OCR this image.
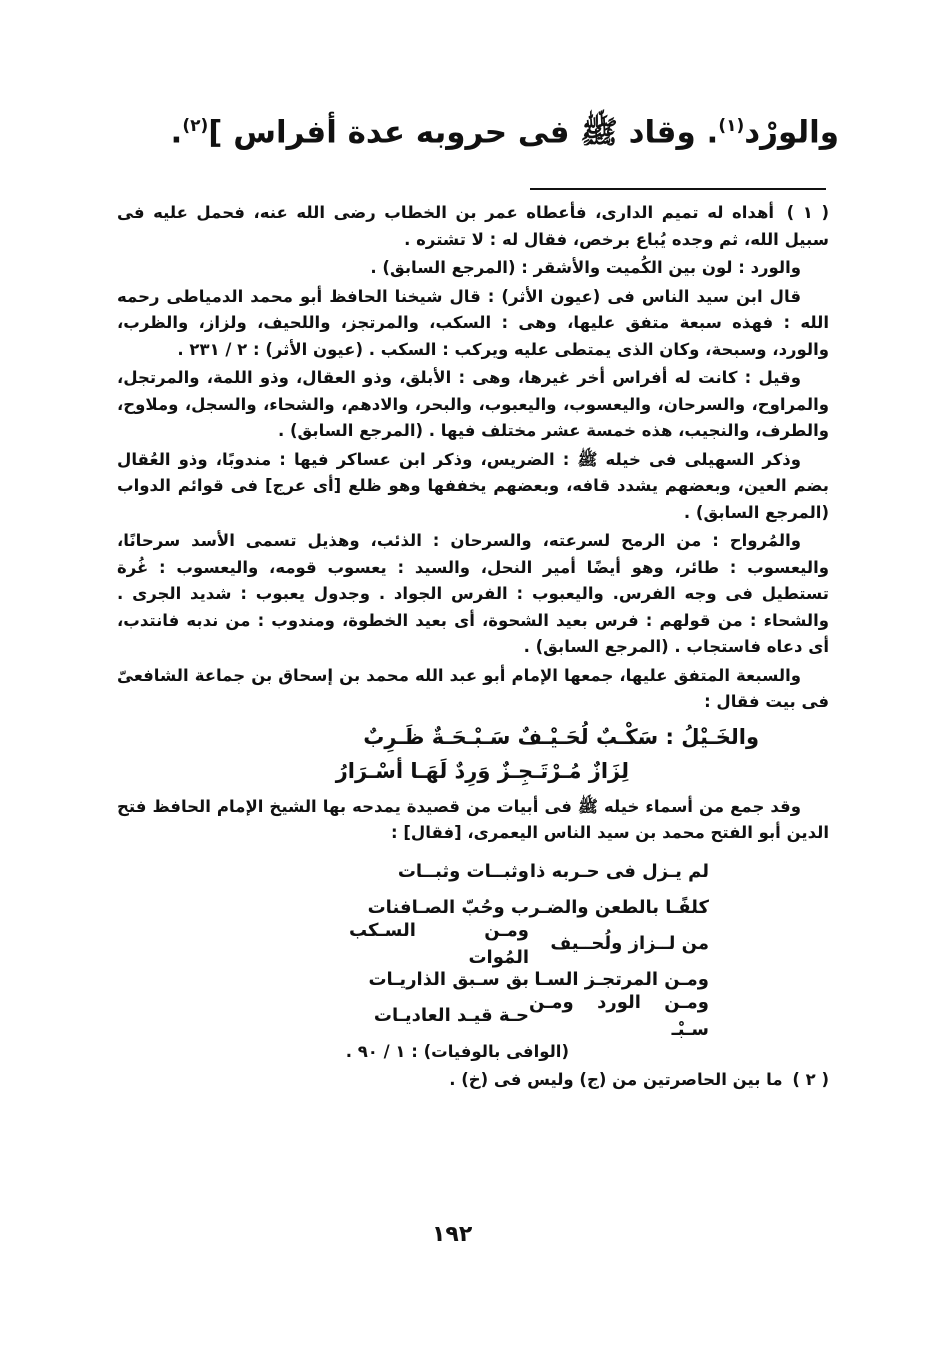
والورْد$^{(١)}$. وقاد ﷺ فى حروبه عدة أفراس ]$^{(٢)}$.

( ١ ) أهداه له تميم الدارى، فأعطاه عمر بن الخطاب رضى الله عنه، فحمل عليه فى سبيل الله، ثم وجده يُباع برخص، فقال له : لا تشتره .

والورد : لون بين الكُميت والأشقر : (المرجع السابق) .

قال ابن سيد الناس فى (عيون الأثر) : قال شيخنا الحافظ أبو محمد الدمياطى رحمه الله : فهذه سبعة متفق عليها، وهى : السكب، والمرتجز، واللحيف، ولزاز، والظرب، والورد، وسبحة، وكان الذى يمتطى عليه ويركب : السكب . (عيون الأثر) : ٢ / ٢٣١ .

وقيل : كانت له أفراس أخر غيرها، وهى : الأبلق، وذو العقال، وذو اللمة، والمرتجل، والمراوح، والسرحان، واليعسوب، واليعبوب، والبحر، والادهم، والشحاء، والسجل، وملاوح، والطرف، والنجيب، هذه خمسة عشر مختلف فيها . (المرجع السابق) .

وذكر السهيلى فى خيله ﷺ : الضريس، وذكر ابن عساكر فيها : مندوبًا، وذو العُقال بضم العين، وبعضهم يشدد قافه، وبعضهم يخففها وهو ظلع [أى عرج] فى قوائم الدواب (المرجع السابق) .

والمُرواح : من الرمح لسرعته، والسرحان : الذئب، وهذيل تسمى الأسد سرحانًا، واليعسوب : طائر، وهو أيضًا أمير النحل، والسيد : يعسوب قومه، واليعسوب : غُرة تستطيل فى وجه الفرس. واليعبوب : الفرس الجواد . وجدول يعبوب : شديد الجرى . والشحاء : من قولهم : فرس بعيد الشحوة، أى بعيد الخطوة، ومندوب : من ندبه فانتدب، أى دعاه فاستجاب . (المرجع السابق) .

والسبعة المتفق عليها، جمعها الإمام أبو عبد الله محمد بن إسحاق بن جماعة الشافعىّ فى بيت فقال :

والخَـيْلُ : سَكْـبٌ لُحَـيْـفٌ سَـبْـحَـةٌ ظَـرِبٌ
لِزَازٌ مُـرْتَـجِـزٌ وَرِدٌ لَهَـا أسْـرَارُ

وقد جمع من أسماء خيله ﷺ فى أبيات من قصيدة يمدحه بها الشيخ الإمام الحافظ فتح الدين أبو الفتح محمد بن سيد الناس اليعمرى، [فقال] :

لم يـزل فى حـربه ذا
وثبــات وثبــات
كلفًـا بالطعن والضـر
ب وحُبّ الصـافنات
من لــزاز ولُحــيف
ومـن السـكب المُوات
ومـن المرتجـز السـا
بق سـبق الذاريـات
ومـن الورد ومـن سـبْـ
حـة قيـد العاديـات

(الوافى بالوفيات) : ١ / ٩٠ .

( ٢ ) ما بين الحاصرتين من (ج) وليس فى (خ) .

١٩٢
